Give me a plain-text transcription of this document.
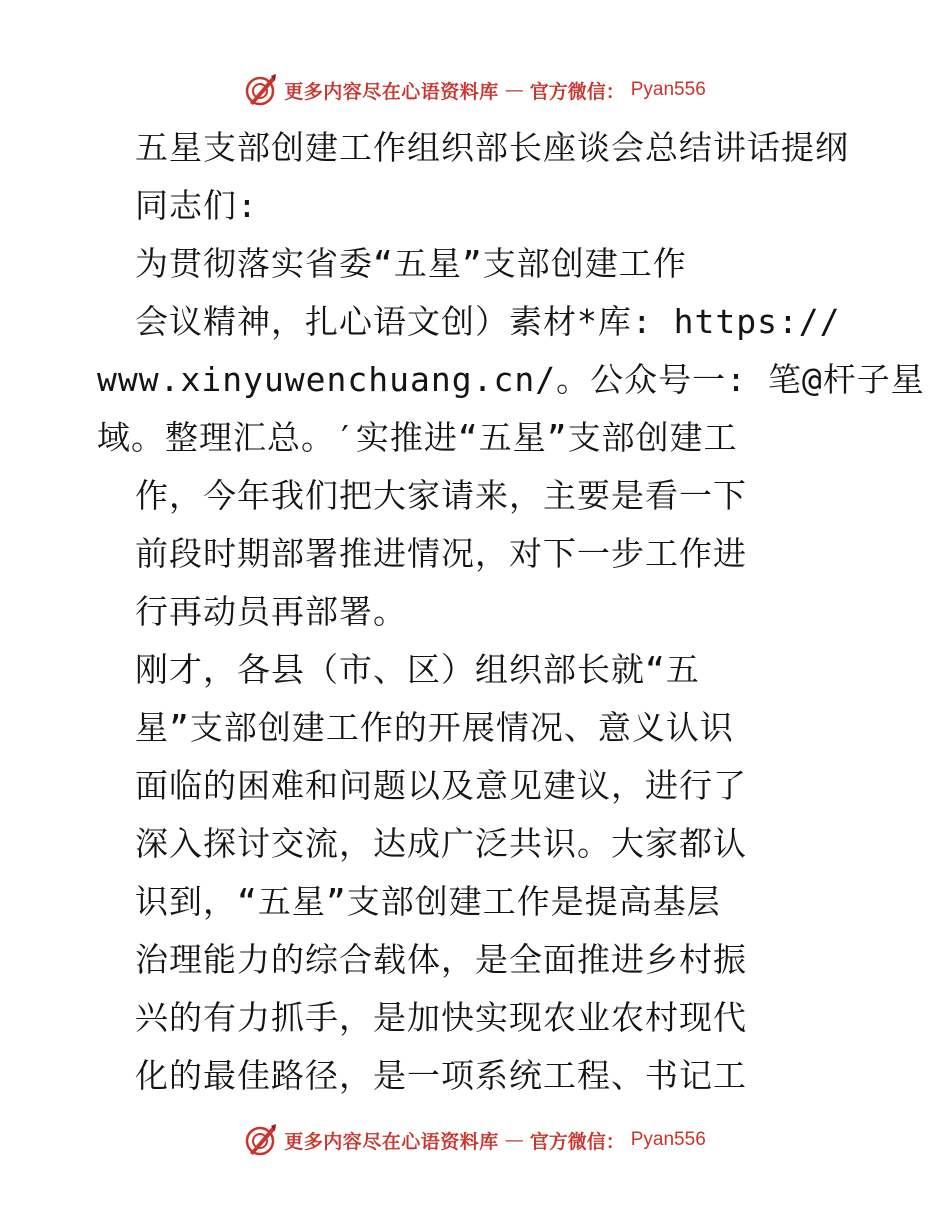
更多内容尽在心语资料库 — 官方微信： Pyan556
五星支部创建工作组织部长座谈会总结讲话提纲
同志们:
为贯彻落实省委“五星”支部创建工作
会议精神，扎心语文创）素材*库: https://
www.xinyuwenchuang.cn/。公众号一: 笔@杆子星
域。整理汇总。′实推进“五星”支部创建工
作，今年我们把大家请来，主要是看一下
前段时期部署推进情况，对下一步工作进
行再动员再部署。
刚才，各县（市、区）组织部长就“五
星”支部创建工作的开展情况、意义认识
面临的困难和问题以及意见建议，进行了
深入探讨交流，达成广泛共识。大家都认
识到，“五星”支部创建工作是提高基层
治理能力的综合载体，是全面推进乡村振
兴的有力抓手，是加快实现农业农村现代
化的最佳路径，是一项系统工程、书记工
更多内容尽在心语资料库 — 官方微信： Pyan556
